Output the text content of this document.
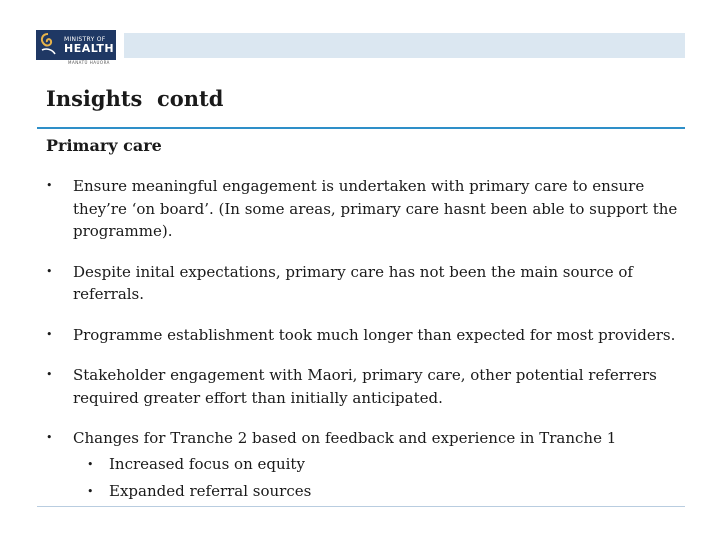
MINISTRY OF
HEALTH
MANATŪ HAUORA
Insights  contd
Primary care
• Ensure meaningful engagement is undertaken with primary care to ensure they’re ‘on board’. (In some areas, primary care hasnt been able to support the programme).
• Despite inital expectations, primary care has not been the main source of referrals.
• Programme establishment took much longer than expected for most providers.
• Stakeholder engagement with Maori, primary care, other potential referrers required greater effort than initially anticipated.
• Changes for Tranche 2 based on feedback and experience in Tranche 1
• Increased focus on equity
• Expanded referral sources
